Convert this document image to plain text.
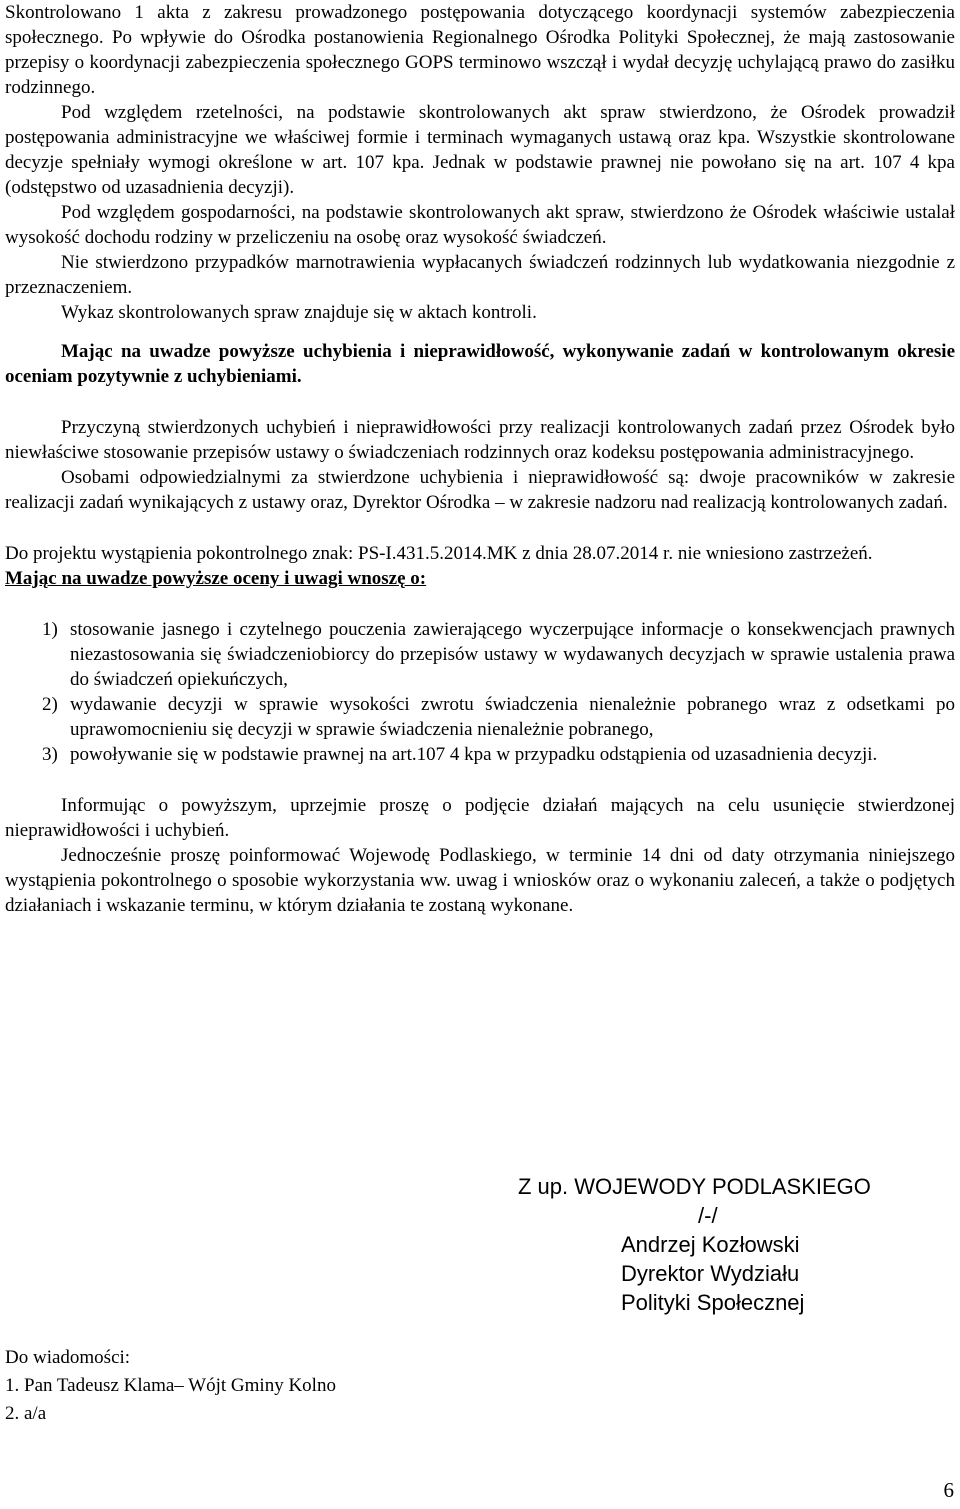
Skontrolowano 1 akta z zakresu prowadzonego postępowania dotyczącego koordynacji systemów zabezpieczenia społecznego. Po wpływie do Ośrodka postanowienia Regionalnego Ośrodka Polityki Społecznej, że mają zastosowanie przepisy o koordynacji zabezpieczenia społecznego GOPS terminowo wszczął i wydał decyzję uchylającą prawo do zasiłku rodzinnego.

Pod względem rzetelności, na podstawie skontrolowanych akt spraw stwierdzono, że Ośrodek prowadził postępowania administracyjne we właściwej formie i terminach wymaganych ustawą oraz kpa. Wszystkie skontrolowane decyzje spełniały wymogi określone w art. 107 kpa. Jednak w podstawie prawnej nie powołano się na art. 107 4 kpa (odstępstwo od uzasadnienia decyzji).

Pod względem gospodarności, na podstawie skontrolowanych akt spraw, stwierdzono że Ośrodek właściwie ustalał wysokość dochodu rodziny w przeliczeniu na osobę oraz wysokość świadczeń.

Nie stwierdzono przypadków marnotrawienia wypłacanych świadczeń rodzinnych lub wydatkowania niezgodnie z przeznaczeniem.

Wykaz skontrolowanych spraw znajduje się w aktach kontroli.

Mając na uwadze powyższe uchybienia i nieprawidłowość, wykonywanie zadań w kontrolowanym okresie oceniam pozytywnie z uchybieniami.

Przyczyną stwierdzonych uchybień i nieprawidłowości przy realizacji kontrolowanych zadań przez Ośrodek było niewłaściwe stosowanie przepisów ustawy o świadczeniach rodzinnych oraz kodeksu postępowania administracyjnego.

Osobami odpowiedzialnymi za stwierdzone uchybienia i nieprawidłowość są: dwoje pracowników w zakresie realizacji zadań wynikających z ustawy oraz, Dyrektor Ośrodka – w zakresie nadzoru nad realizacją kontrolowanych zadań.

Do projektu wystąpienia pokontrolnego znak: PS-I.431.5.2014.MK z dnia 28.07.2014 r. nie wniesiono zastrzeżeń.

Mając na uwadze powyższe oceny i uwagi wnoszę o:

1) stosowanie jasnego i czytelnego pouczenia zawierającego wyczerpujące informacje o konsekwencjach prawnych niezastosowania się świadczeniobiorcy do przepisów ustawy w wydawanych decyzjach w sprawie ustalenia prawa do świadczeń opiekuńczych,
2) wydawanie decyzji w sprawie wysokości zwrotu świadczenia nienależnie pobranego wraz z odsetkami po uprawomocnieniu się decyzji w sprawie świadczenia nienależnie pobranego,
3) powoływanie się w podstawie prawnej na art.107 4 kpa w przypadku odstąpienia od uzasadnienia decyzji.

Informując o powyższym, uprzejmie proszę o podjęcie działań mających na celu usunięcie stwierdzonej nieprawidłowości i uchybień.

Jednocześnie proszę poinformować Wojewodę Podlaskiego, w terminie 14 dni od daty otrzymania niniejszego wystąpienia pokontrolnego o sposobie wykorzystania ww. uwag i wniosków oraz o wykonaniu zaleceń, a także o podjętych działaniach i wskazanie terminu, w którym działania te zostaną wykonane.

Z up. WOJEWODY PODLASKIEGO
/-/
Andrzej Kozłowski
Dyrektor Wydziału
Polityki Społecznej
Do wiadomości:
1. Pan Tadeusz Klama– Wójt Gminy Kolno
2. a/a
6
